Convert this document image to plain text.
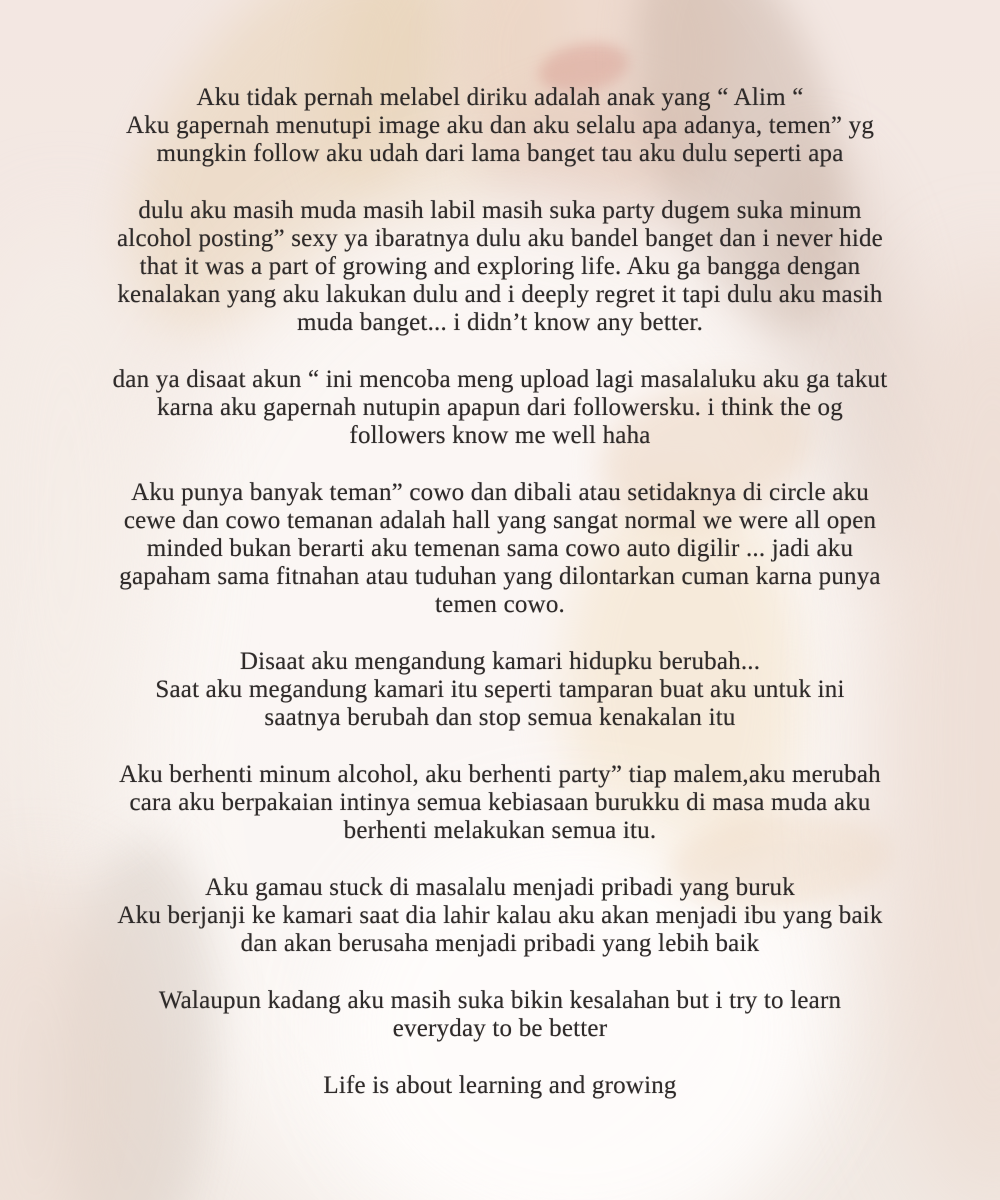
Aku tidak pernah melabel diriku adalah anak yang “ Alim “
Aku gapernah menutupi image aku dan aku selalu apa adanya, temen” yg
mungkin follow aku udah dari lama banget tau aku dulu seperti apa

dulu aku masih muda masih labil masih suka party dugem suka minum
alcohol posting” sexy ya ibaratnya dulu aku bandel banget dan i never hide
that it was a part of growing and exploring life. Aku ga bangga dengan
kenalakan yang aku lakukan dulu and i deeply regret it tapi dulu aku masih
muda banget... i didn’t know any better.

dan ya disaat akun “ ini mencoba meng upload lagi masalaluku aku ga takut
karna aku gapernah nutupin apapun dari followersku. i think the og
followers know me well haha

Aku punya banyak teman” cowo dan dibali atau setidaknya di circle aku
cewe dan cowo temanan adalah hall yang sangat normal we were all open
minded bukan berarti aku temenan sama cowo auto digilir ... jadi aku
gapaham sama fitnahan atau tuduhan yang dilontarkan cuman karna punya
temen cowo.

Disaat aku mengandung kamari hidupku berubah...
Saat aku megandung kamari itu seperti tamparan buat aku untuk ini
saatnya berubah dan stop semua kenakalan itu

Aku berhenti minum alcohol, aku berhenti party” tiap malem,aku merubah
cara aku berpakaian intinya semua kebiasaan burukku di masa muda aku
berhenti melakukan semua itu.

Aku gamau stuck di masalalu menjadi pribadi yang buruk
Aku berjanji ke kamari saat dia lahir kalau aku akan menjadi ibu yang baik
dan akan berusaha menjadi pribadi yang lebih baik

Walaupun kadang aku masih suka bikin kesalahan but i try to learn
everyday to be better

Life is about learning and growing
